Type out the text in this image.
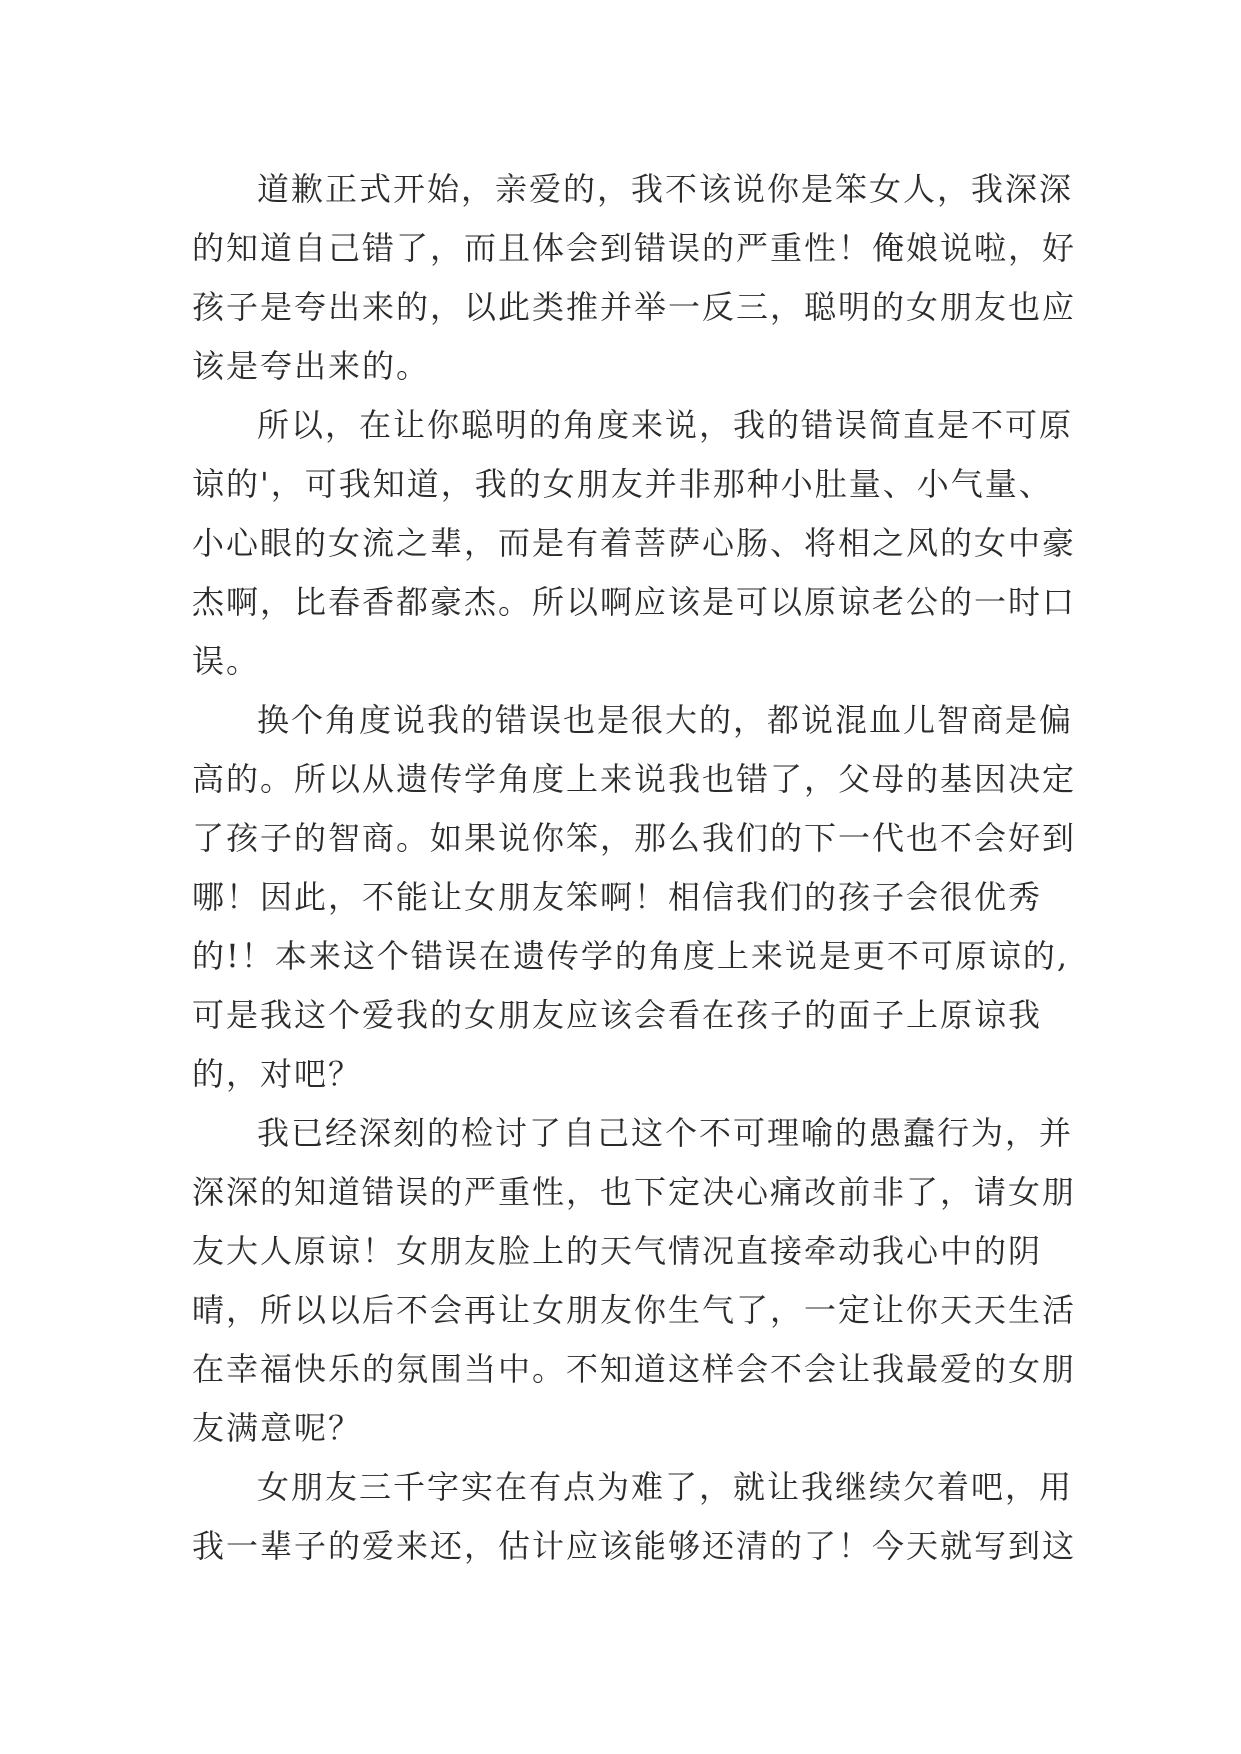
道歉正式开始，亲爱的，我不该说你是笨女人，我深深
的知道自己错了，而且体会到错误的严重性！俺娘说啦，好
孩子是夸出来的，以此类推并举一反三，聪明的女朋友也应
该是夸出来的。
所以，在让你聪明的角度来说，我的错误简直是不可原
谅的'，可我知道，我的女朋友并非那种小肚量、小气量、
小心眼的女流之辈，而是有着菩萨心肠、将相之风的女中豪
杰啊，比春香都豪杰。所以啊应该是可以原谅老公的一时口
误。
换个角度说我的错误也是很大的，都说混血儿智商是偏
高的。所以从遗传学角度上来说我也错了，父母的基因决定
了孩子的智商。如果说你笨，那么我们的下一代也不会好到
哪！因此，不能让女朋友笨啊！相信我们的孩子会很优秀
的!！本来这个错误在遗传学的角度上来说是更不可原谅的,
可是我这个爱我的女朋友应该会看在孩子的面子上原谅我
的，对吧？
我已经深刻的检讨了自己这个不可理喻的愚蠢行为，并
深深的知道错误的严重性，也下定决心痛改前非了，请女朋
友大人原谅！女朋友脸上的天气情况直接牵动我心中的阴
晴，所以以后不会再让女朋友你生气了，一定让你天天生活
在幸福快乐的氛围当中。不知道这样会不会让我最爱的女朋
友满意呢？
女朋友三千字实在有点为难了，就让我继续欠着吧，用
我一辈子的爱来还，估计应该能够还清的了！今天就写到这
